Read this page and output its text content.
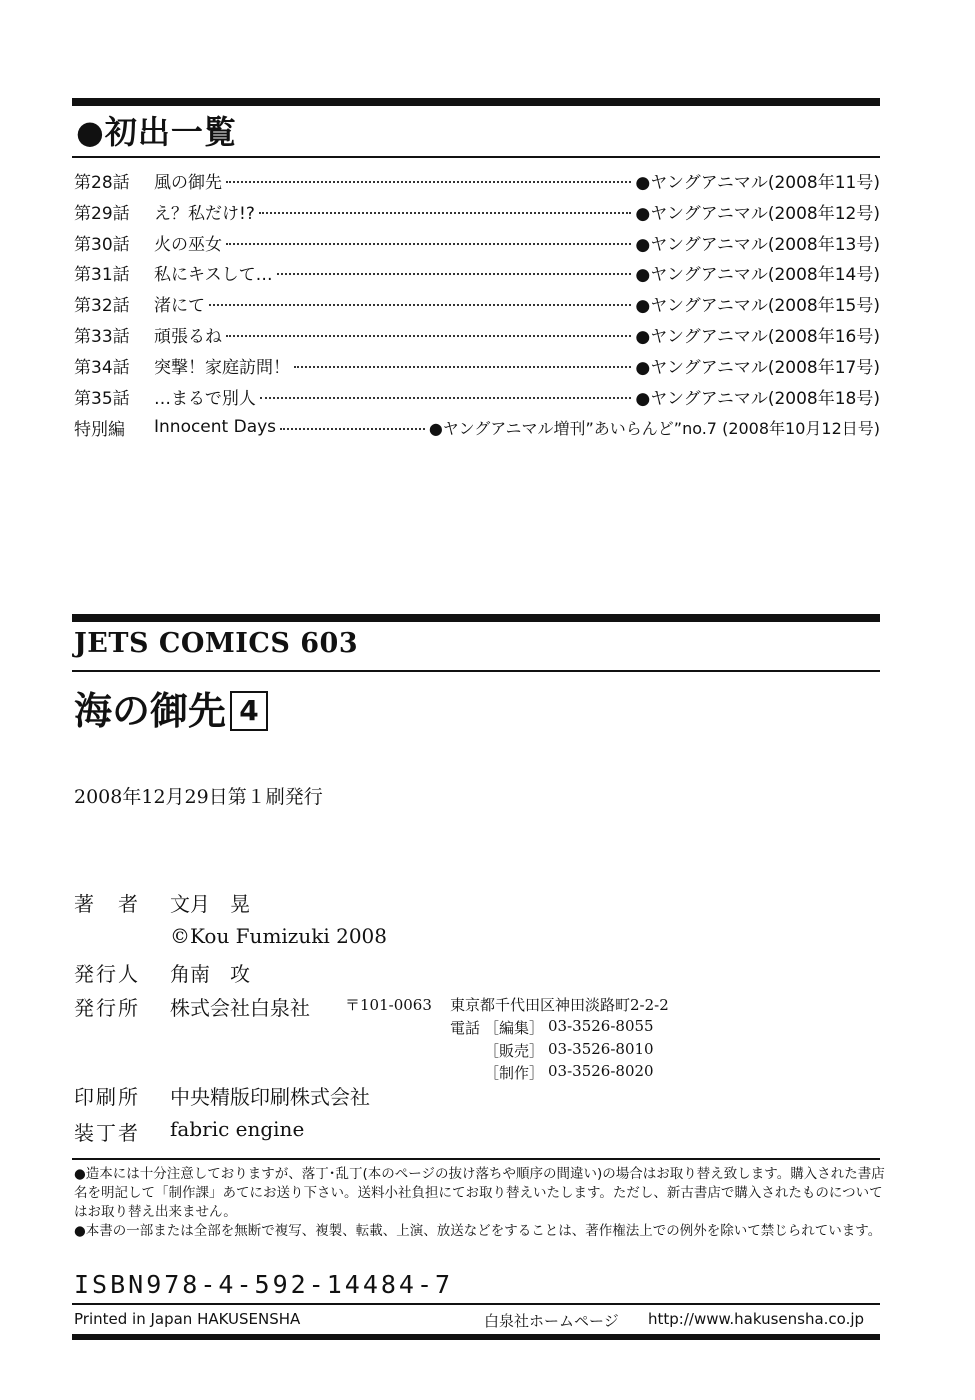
●初出一覧
第28話	風の御先	●ヤングアニマル(2008年11号)
第29話	え？私だけ!?	●ヤングアニマル(2008年12号)
第30話	火の巫女	●ヤングアニマル(2008年13号)
第31話	私にキスして…	●ヤングアニマル(2008年14号)
第32話	渚にて	●ヤングアニマル(2008年15号)
第33話	頑張るね	●ヤングアニマル(2008年16号)
第34話	突撃！家庭訪問！	●ヤングアニマル(2008年17号)
第35話	…まるで別人	●ヤングアニマル(2008年18号)
特別編	Innocent Days	●ヤングアニマル増刊”あいらんど”no.7 (2008年10月12日号)
JETS COMICS 603
海の御先 4
2008年12月29日第１刷発行
著　者 文月　晃
©Kou Fumizuki 2008
発行人 角南　攻
発行所 株式会社白泉社 〒101-0063 東京都千代田区神田淡路町2-2-2
電話 ［編集］ 03-3526-8055
［販売］ 03-3526-8010
［制作］ 03-3526-8020
印刷所 中央精版印刷株式会社
装丁者 fabric engine

●造本には十分注意しておりますが、落丁･乱丁(本のページの抜け落ちや順序の間違い)の場合はお取り替え致します。購入された書店名を明記して「制作課」あてにお送り下さい。送料小社負担にてお取り替えいたします。ただし、新古書店で購入されたものについてはお取り替え出来ません。

●本書の一部または全部を無断で複写、複製、転載、上演、放送などをすることは、著作権法上での例外を除いて禁じられています。

ISBN978-4-592-14484-7
Printed in Japan HAKUSENSHA	白泉社ホームページ http://www.hakusensha.co.jp
